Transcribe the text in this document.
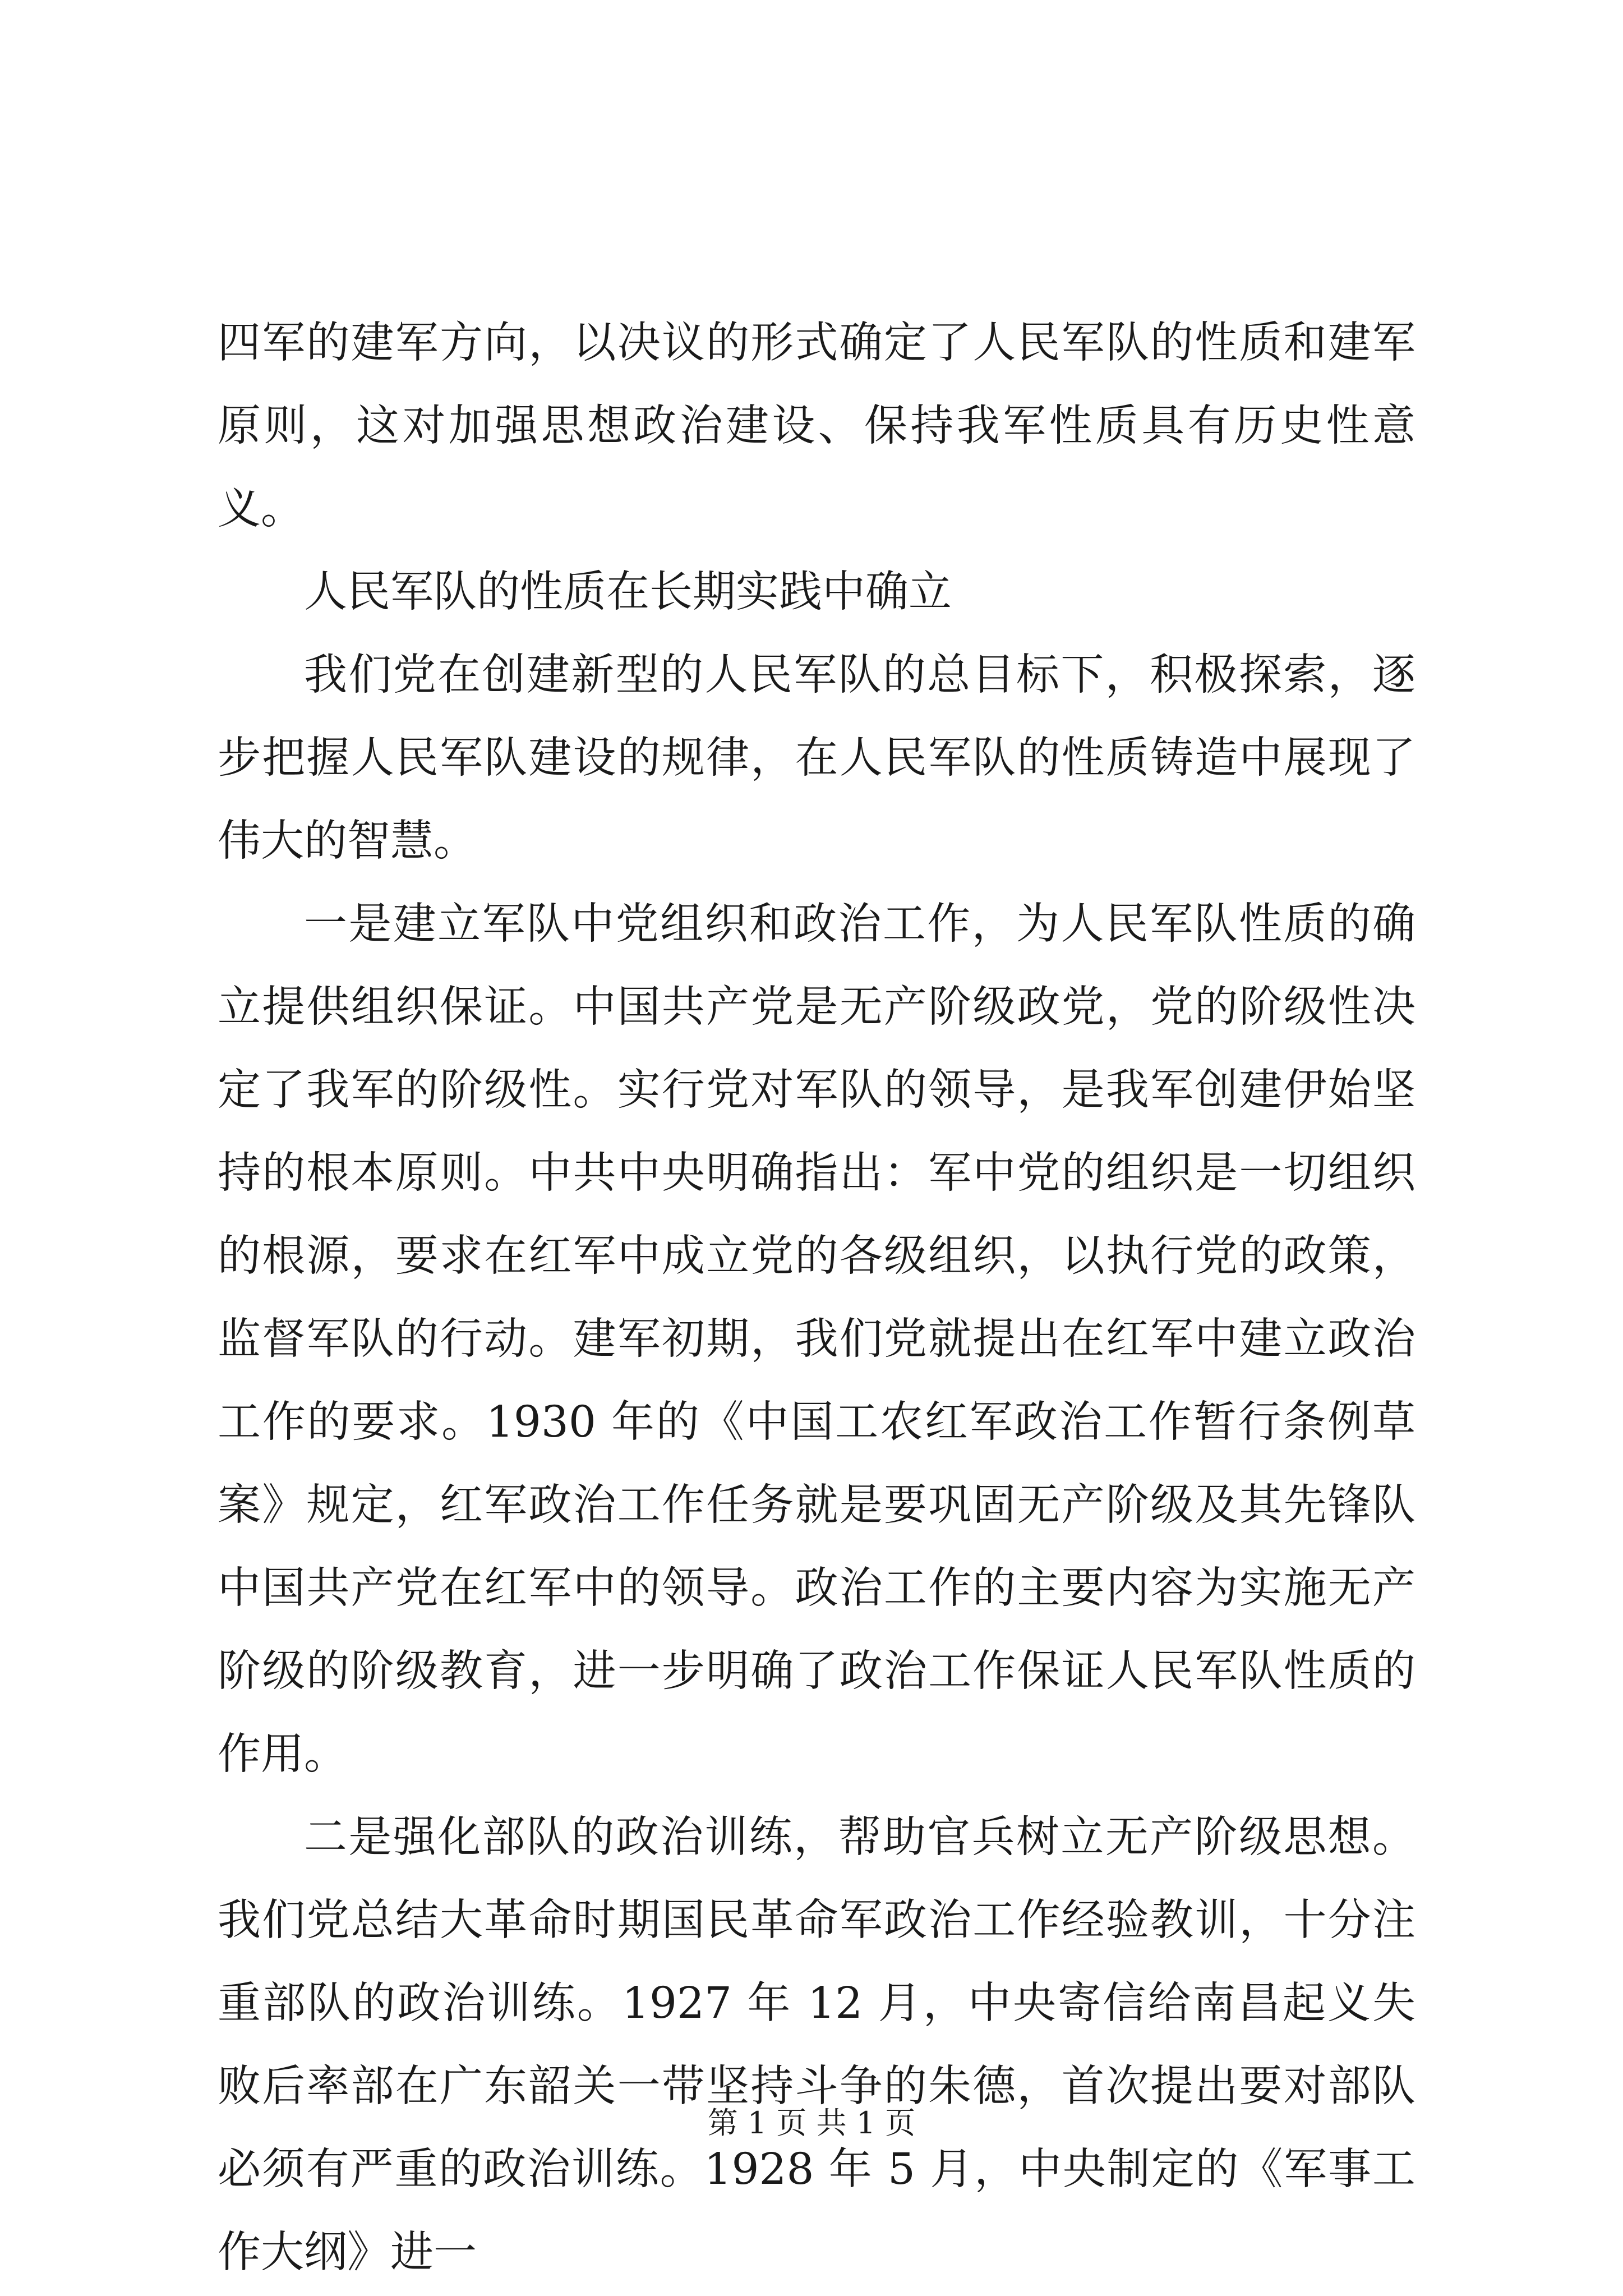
四军的建军方向，以决议的形式确定了人民军队的性质和建军原则，这对加强思想政治建设、保持我军性质具有历史性意义。

人民军队的性质在长期实践中确立

我们党在创建新型的人民军队的总目标下，积极探索，逐步把握人民军队建设的规律，在人民军队的性质铸造中展现了伟大的智慧。

一是建立军队中党组织和政治工作，为人民军队性质的确立提供组织保证。中国共产党是无产阶级政党，党的阶级性决定了我军的阶级性。实行党对军队的领导，是我军创建伊始坚持的根本原则。中共中央明确指出：军中党的组织是一切组织的根源，要求在红军中成立党的各级组织，以执行党的政策，监督军队的行动。建军初期，我们党就提出在红军中建立政治工作的要求。1930 年的《中国工农红军政治工作暂行条例草案》规定，红军政治工作任务就是要巩固无产阶级及其先锋队中国共产党在红军中的领导。政治工作的主要内容为实施无产阶级的阶级教育，进一步明确了政治工作保证人民军队性质的作用。

二是强化部队的政治训练，帮助官兵树立无产阶级思想。我们党总结大革命时期国民革命军政治工作经验教训，十分注重部队的政治训练。1927 年 12 月，中央寄信给南昌起义失败后率部在广东韶关一带坚持斗争的朱德，首次提出要对部队必须有严重的政治训练。1928 年 5 月，中央制定的《军事工作大纲》进一

第 1 页 共 1 页
